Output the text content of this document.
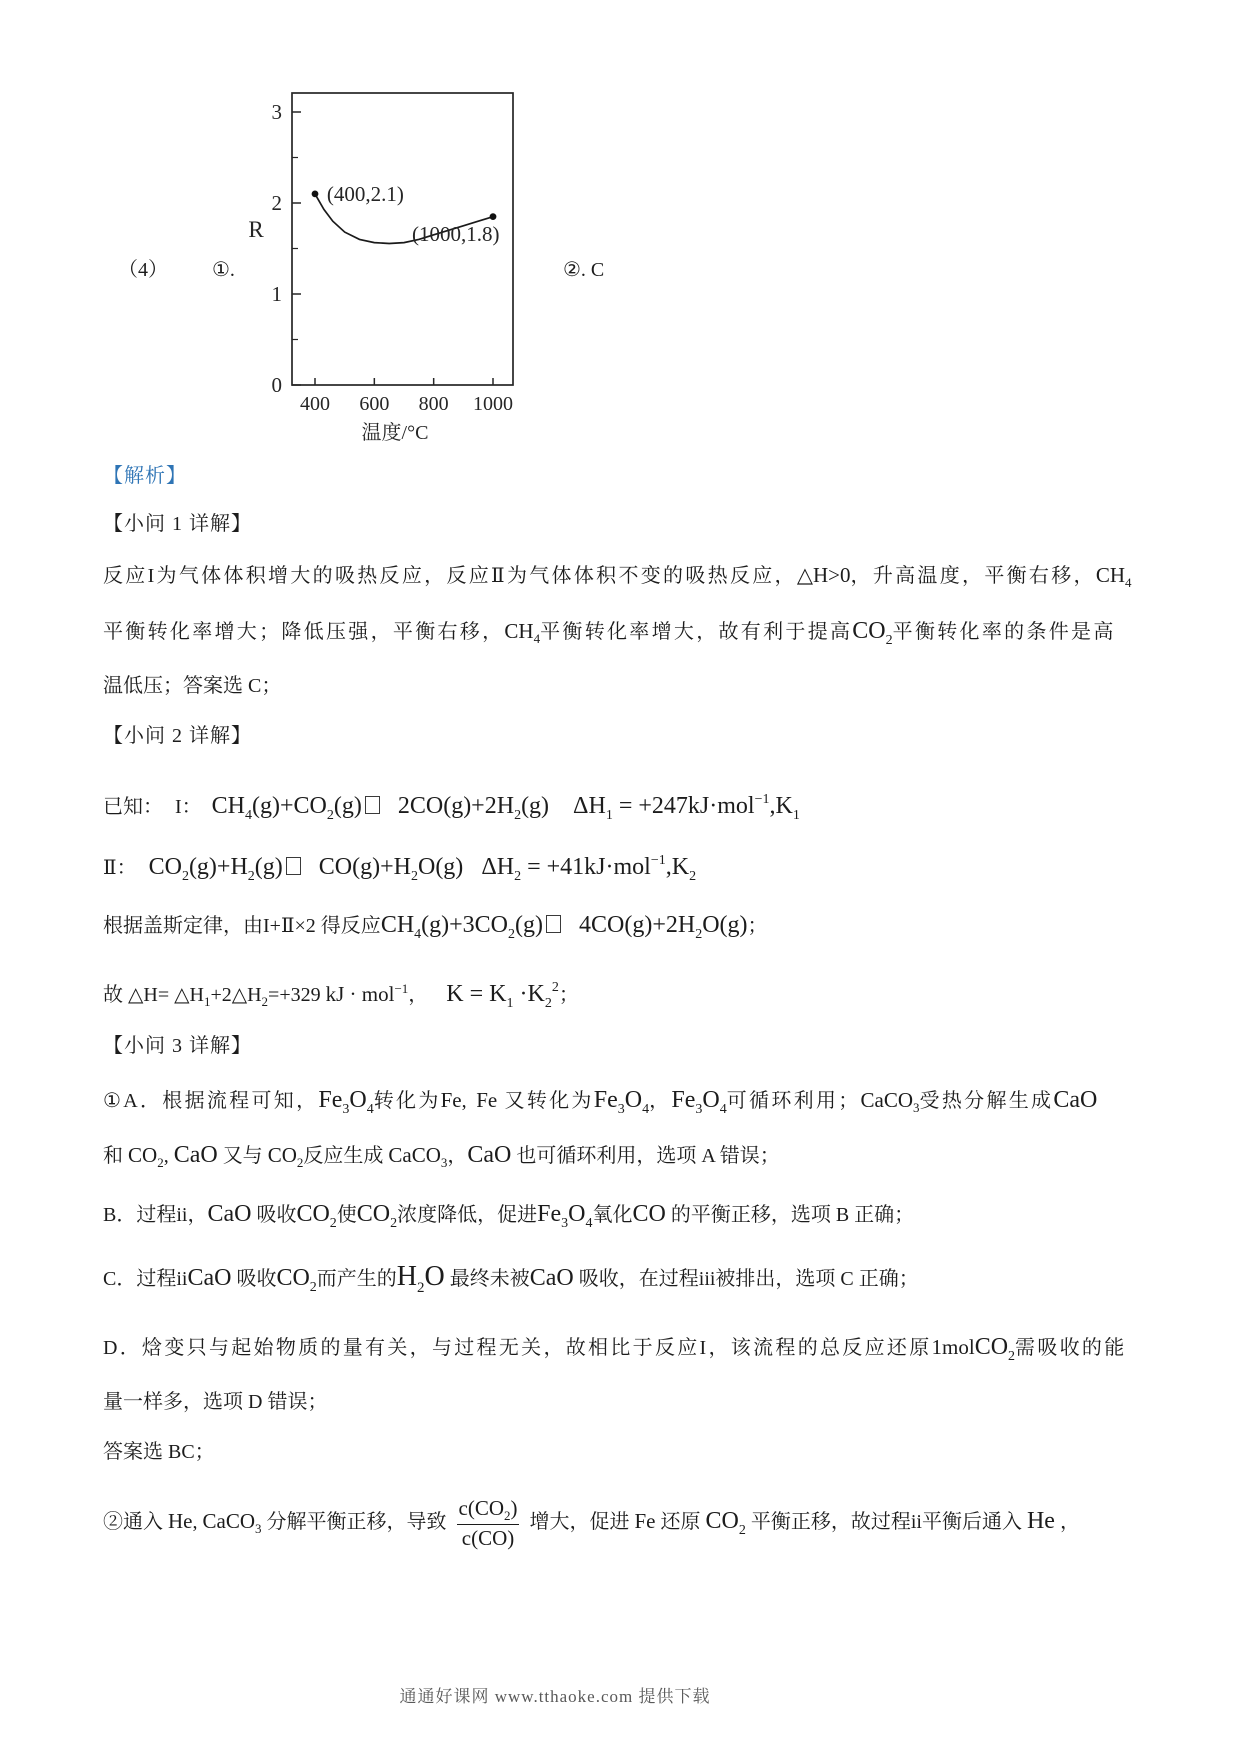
0
1
2
3
400 600 800 1000
R
温度/°C
(400,2.1)
(1000,1.8)
（4） ①.	②. C
【解析】
【小问 1 详解】
反应I为气体体积增大的吸热反应，反应Ⅱ为气体体积不变的吸热反应，△H>0，升高温度，平衡右移，$CH_4$
平衡转化率增大；降低压强，平衡右移，$CH_4$平衡转化率增大，故有利于提高$CO_2$平衡转化率的条件是高
温低压；答案选 C；
【小问 2 详解】
已知： I： $CH_4(g)+CO_2(g)$ $2CO(g)+2H_2(g) \Delta H_1 = +247kJ\cdot mol^{-1},K_1$
Ⅱ： $CO_2(g)+H_2(g)$ $CO(g)+H_2O(g) \Delta H_2 = +41kJ\cdot mol^{-1},K_2$
根据盖斯定律，由I+Ⅱ×2 得反应$CH_4(g)+3CO_2(g)$ $4CO(g)+2H_2O(g)$；
故 △H= $\triangle H_1+2\triangle H_2=+329$ kJ · mol$^{-1}$， $K = K_1 \cdot K_2^2$；
【小问 3 详解】
①A．根据流程可知，$Fe_3O_4$转化为Fe, Fe 又转化为$Fe_3O_4$，$Fe_3O_4$可循环利用；CaCO$_3$受热分解生成CaO
和 $CO_2$, CaO 又与 $CO_2$反应生成 CaCO$_3$，CaO 也可循环利用，选项 A 错误；
B．过程ii，CaO 吸收$CO_2$使$CO_2$浓度降低，促进$Fe_3O_4$氧化CO 的平衡正移，选项 B 正确；
C．过程iiCaO 吸收$CO_2$而产生的$H_2O$ 最终未被CaO 吸收，在过程iii被排出，选项 C 正确；
D．焓变只与起始物质的量有关，与过程无关，故相比于反应I，该流程的总反应还原1molCO$_2$需吸收的能
量一样多，选项 D 错误；
答案选 BC；
②通入 He, CaCO$_3$ 分解平衡正移，导致 $\frac{c(CO_2)}{c(CO)}$ 增大，促进 Fe 还原 $CO_2$ 平衡正移，故过程ii平衡后通入 He ，
通通好课网 www.tthaoke.com 提供下载
